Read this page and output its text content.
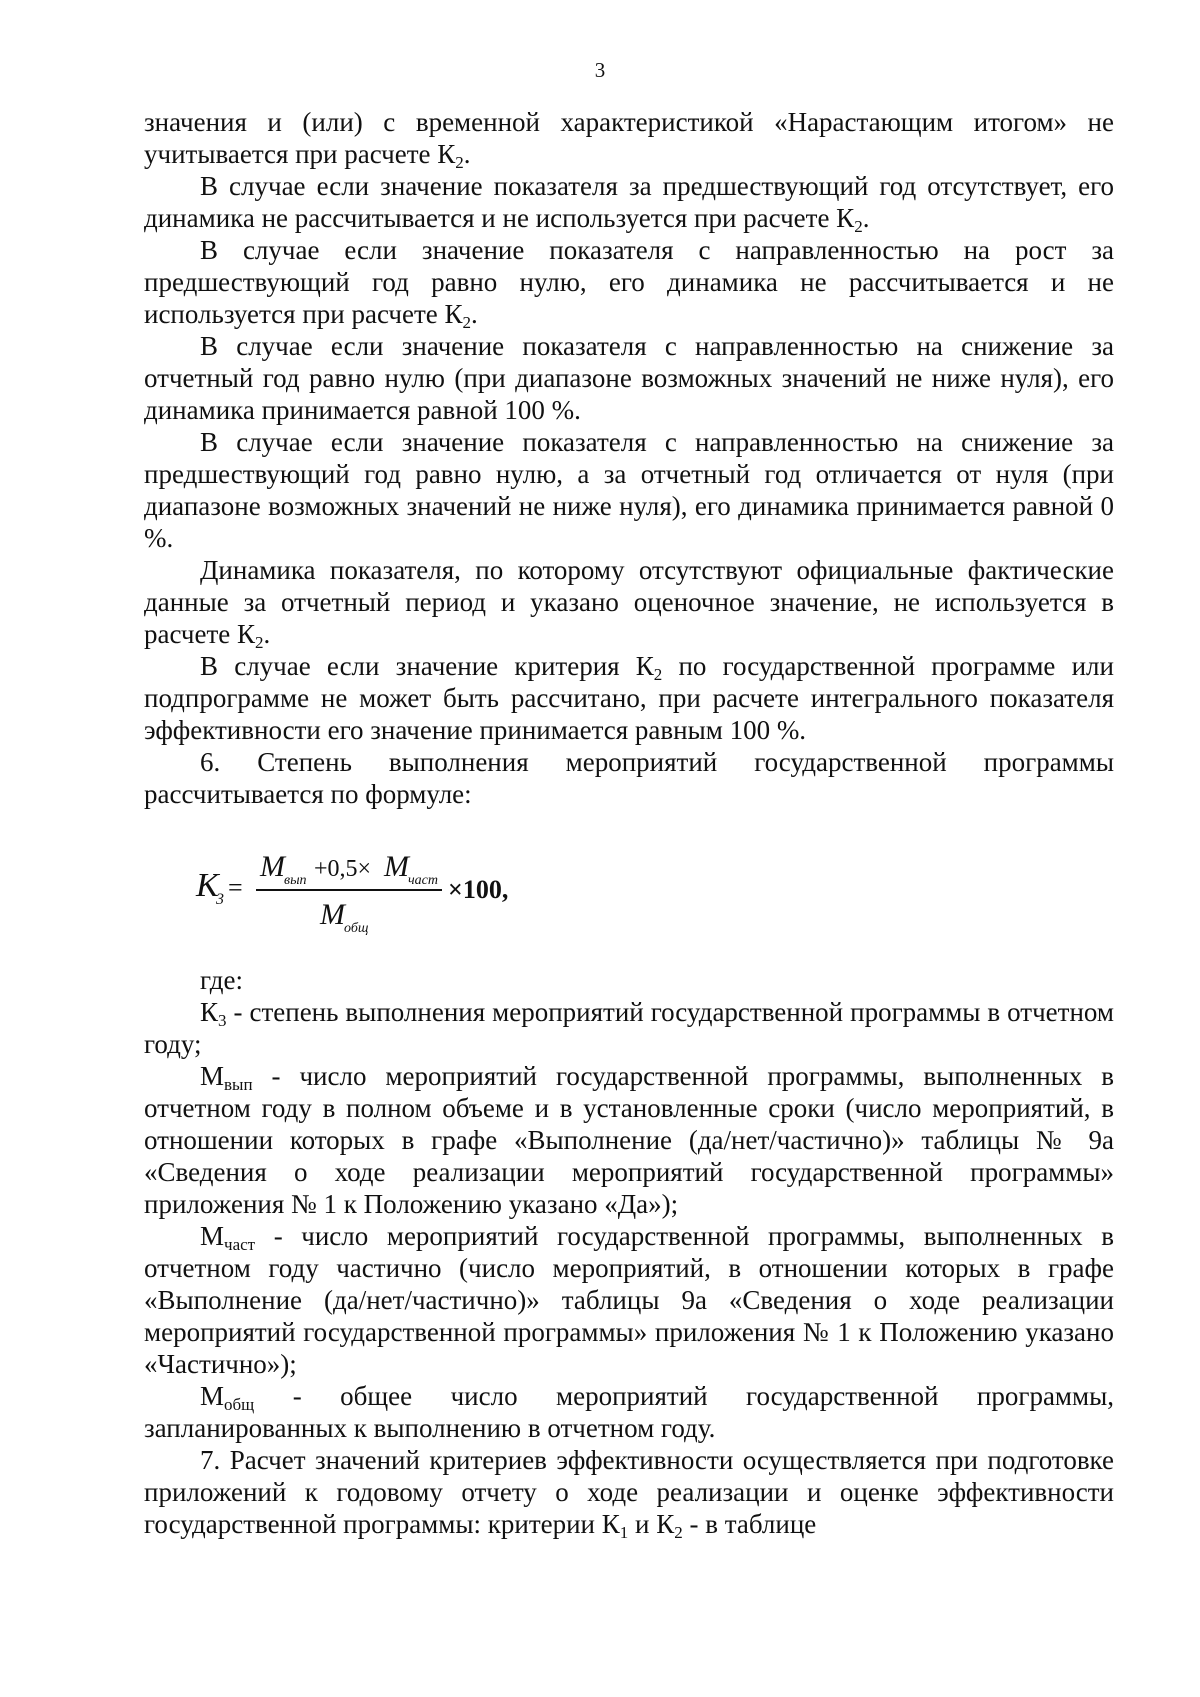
3

значения и (или) с временной характеристикой «Нарастающим итогом» не учитывается при расчете $К_2$.

В случае если значение показателя за предшествующий год отсутствует, его динамика не рассчитывается и не используется при расчете $К_2$.

В случае если значение показателя с направленностью на рост за предшествующий год равно нулю, его динамика не рассчитывается и не используется при расчете $К_2$.

В случае если значение показателя с направленностью на снижение за отчетный год равно нулю (при диапазоне возможных значений не ниже нуля), его динамика принимается равной 100 %.

В случае если значение показателя с направленностью на снижение за предшествующий год равно нулю, а за отчетный год отличается от нуля (при диапазоне возможных значений не ниже нуля), его динамика принимается равной 0 %.

Динамика показателя, по которому отсутствуют официальные фактические данные за отчетный период и указано оценочное значение, не используется в расчете $К_2$.

В случае если значение критерия $К_2$ по государственной программе или подпрограмме не может быть рассчитано, при расчете интегрального показателя эффективности его значение принимается равным 100 %.

6. Степень выполнения мероприятий государственной программы рассчитывается по формуле:

K
3 =
M вып +0,5× M част
M общ
×100,

где:

$К_3$ - степень выполнения мероприятий государственной программы в отчетном году;

$М_{вып}$ - число мероприятий государственной программы, выполненных в отчетном году в полном объеме и в установленные сроки (число мероприятий, в отношении которых в графе «Выполнение (да/нет/частично)» таблицы № 9а «Сведения о ходе реализации мероприятий государственной программы» приложения № 1 к Положению указано «Да»);

$М_{част}$ - число мероприятий государственной программы, выполненных в отчетном году частично (число мероприятий, в отношении которых в графе «Выполнение (да/нет/частично)» таблицы 9а «Сведения о ходе реализации мероприятий государственной программы» приложения № 1 к Положению указано «Частично»);

$М_{общ}$ - общее число мероприятий государственной программы, запланированных к выполнению в отчетном году.

7. Расчет значений критериев эффективности осуществляется при подготовке приложений к годовому отчету о ходе реализации и оценке эффективности государственной программы: критерии $К_1$ и $К_2$ - в таблице
